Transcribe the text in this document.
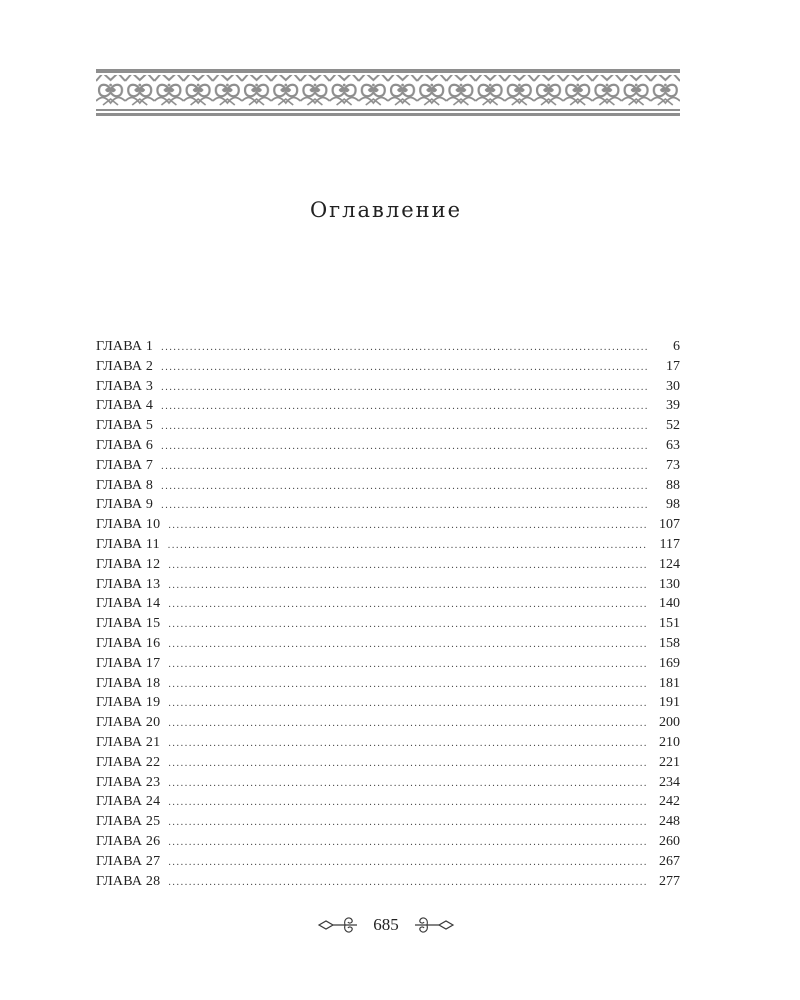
Оглавление
ГЛАВА 1 .....	6
ГЛАВА 2 .....	17
ГЛАВА 3 .....	30
ГЛАВА 4 .....	39
ГЛАВА 5 .....	52
ГЛАВА 6 .....	63
ГЛАВА 7 .....	73
ГЛАВА 8 .....	88
ГЛАВА 9 .....	98
ГЛАВА 10 .....	107
ГЛАВА 11 .....	117
ГЛАВА 12 .....	124
ГЛАВА 13 .....	130
ГЛАВА 14 .....	140
ГЛАВА 15 .....	151
ГЛАВА 16 .....	158
ГЛАВА 17 .....	169
ГЛАВА 18 .....	181
ГЛАВА 19 .....	191
ГЛАВА 20 .....	200
ГЛАВА 21 .....	210
ГЛАВА 22 .....	221
ГЛАВА 23 .....	234
ГЛАВА 24 .....	242
ГЛАВА 25 .....	248
ГЛАВА 26 .....	260
ГЛАВА 27 .....	267
ГЛАВА 28 .....	277
685
